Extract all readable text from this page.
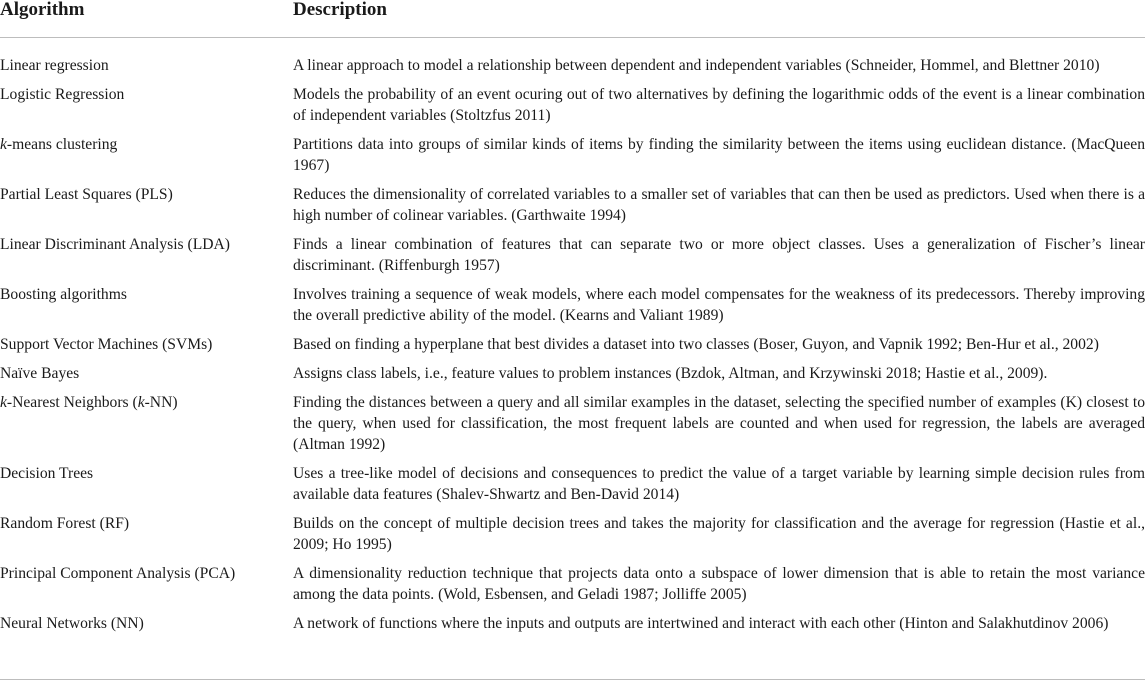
Algorithm	Description
Linear regression	A linear approach to model a relationship between dependent and independent variables (Schneider, Hommel, and Blettner 2010)
Logistic Regression	Models the probability of an event ocuring out of two alternatives by defining the logarithmic odds of the event is a linear combination of independent variables (Stoltzfus 2011)
k-means clustering	Partitions data into groups of similar kinds of items by finding the similarity between the items using euclidean distance. (MacQueen 1967)
Partial Least Squares (PLS)	Reduces the dimensionality of correlated variables to a smaller set of variables that can then be used as predictors. Used when there is a high number of colinear variables. (Garthwaite 1994)
Linear Discriminant Analysis (LDA)	Finds a linear combination of features that can separate two or more object classes. Uses a generalization of Fischer’s linear discriminant. (Riffenburgh 1957)
Boosting algorithms	Involves training a sequence of weak models, where each model compensates for the weakness of its predecessors. Thereby improving the overall predictive ability of the model. (Kearns and Valiant 1989)
Support Vector Machines (SVMs)	Based on finding a hyperplane that best divides a dataset into two classes (Boser, Guyon, and Vapnik 1992; Ben-Hur et al., 2002)
Naïve Bayes	Assigns class labels, i.e., feature values to problem instances (Bzdok, Altman, and Krzywinski 2018; Hastie et al., 2009).
k-Nearest Neighbors (k-NN)	Finding the distances between a query and all similar examples in the dataset, selecting the specified number of examples (K) closest to the query, when used for classification, the most frequent labels are counted and when used for regression, the labels are averaged (Altman 1992)
Decision Trees	Uses a tree-like model of decisions and consequences to predict the value of a target variable by learning simple decision rules from available data features (Shalev-Shwartz and Ben-David 2014)
Random Forest (RF)	Builds on the concept of multiple decision trees and takes the majority for classification and the average for regression (Hastie et al., 2009; Ho 1995)
Principal Component Analysis (PCA)	A dimensionality reduction technique that projects data onto a subspace of lower dimension that is able to retain the most variance among the data points. (Wold, Esbensen, and Geladi 1987; Jolliffe 2005)
Neural Networks (NN)	A network of functions where the inputs and outputs are intertwined and interact with each other (Hinton and Salakhutdinov 2006)
